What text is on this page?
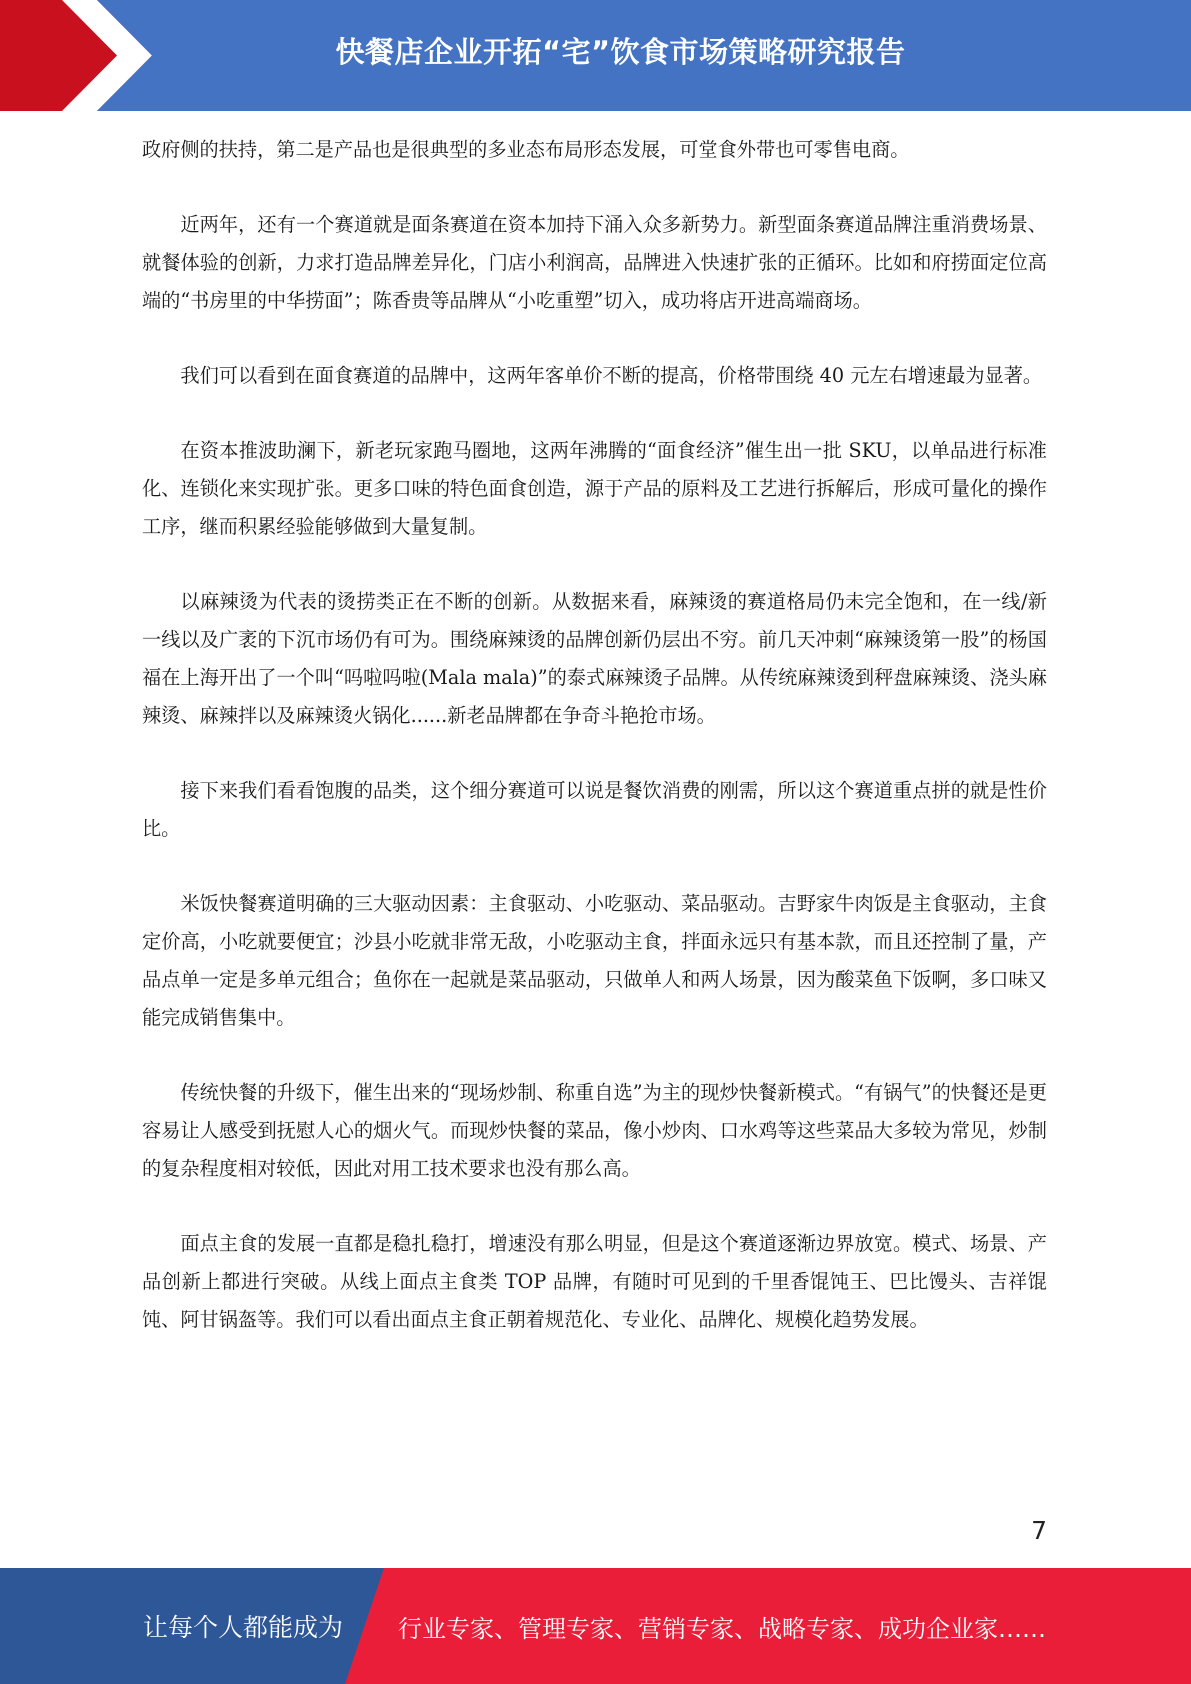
快餐店企业开拓“宅”饮食市场策略研究报告

政府侧的扶持，第二是产品也是很典型的多业态布局形态发展，可堂食外带也可零售电商。

近两年，还有一个赛道就是面条赛道在资本加持下涌入众多新势力。新型面条赛道品牌注重消费场景、就餐体验的创新，力求打造品牌差异化，门店小利润高，品牌进入快速扩张的正循环。比如和府捞面定位高端的“书房里的中华捞面”；陈香贵等品牌从“小吃重塑”切入，成功将店开进高端商场。

我们可以看到在面食赛道的品牌中，这两年客单价不断的提高，价格带围绕 40 元左右增速最为显著。

在资本推波助澜下，新老玩家跑马圈地，这两年沸腾的“面食经济”催生出一批 SKU，以单品进行标准化、连锁化来实现扩张。更多口味的特色面食创造，源于产品的原料及工艺进行拆解后，形成可量化的操作工序，继而积累经验能够做到大量复制。

以麻辣烫为代表的烫捞类正在不断的创新。从数据来看，麻辣烫的赛道格局仍未完全饱和，在一线/新一线以及广袤的下沉市场仍有可为。围绕麻辣烫的品牌创新仍层出不穷。前几天冲刺“麻辣烫第一股”的杨国福在上海开出了一个叫“吗啦吗啦(Mala mala)”的泰式麻辣烫子品牌。从传统麻辣烫到秤盘麻辣烫、浇头麻辣烫、麻辣拌以及麻辣烫火锅化......新老品牌都在争奇斗艳抢市场。

接下来我们看看饱腹的品类，这个细分赛道可以说是餐饮消费的刚需，所以这个赛道重点拼的就是性价比。

米饭快餐赛道明确的三大驱动因素：主食驱动、小吃驱动、菜品驱动。吉野家牛肉饭是主食驱动，主食定价高，小吃就要便宜；沙县小吃就非常无敌，小吃驱动主食，拌面永远只有基本款，而且还控制了量，产品点单一定是多单元组合；鱼你在一起就是菜品驱动，只做单人和两人场景，因为酸菜鱼下饭啊，多口味又能完成销售集中。

传统快餐的升级下，催生出来的“现场炒制、称重自选”为主的现炒快餐新模式。“有锅气”的快餐还是更容易让人感受到抚慰人心的烟火气。而现炒快餐的菜品，像小炒肉、口水鸡等这些菜品大多较为常见，炒制的复杂程度相对较低，因此对用工技术要求也没有那么高。

面点主食的发展一直都是稳扎稳打，增速没有那么明显，但是这个赛道逐渐边界放宽。模式、场景、产品创新上都进行突破。从线上面点主食类 TOP 品牌，有随时可见到的千里香馄饨王、巴比馒头、吉祥馄饨、阿甘锅盔等。我们可以看出面点主食正朝着规范化、专业化、品牌化、规模化趋势发展。

7
让每个人都能成为 行业专家、管理专家、营销专家、战略专家、成功企业家……
